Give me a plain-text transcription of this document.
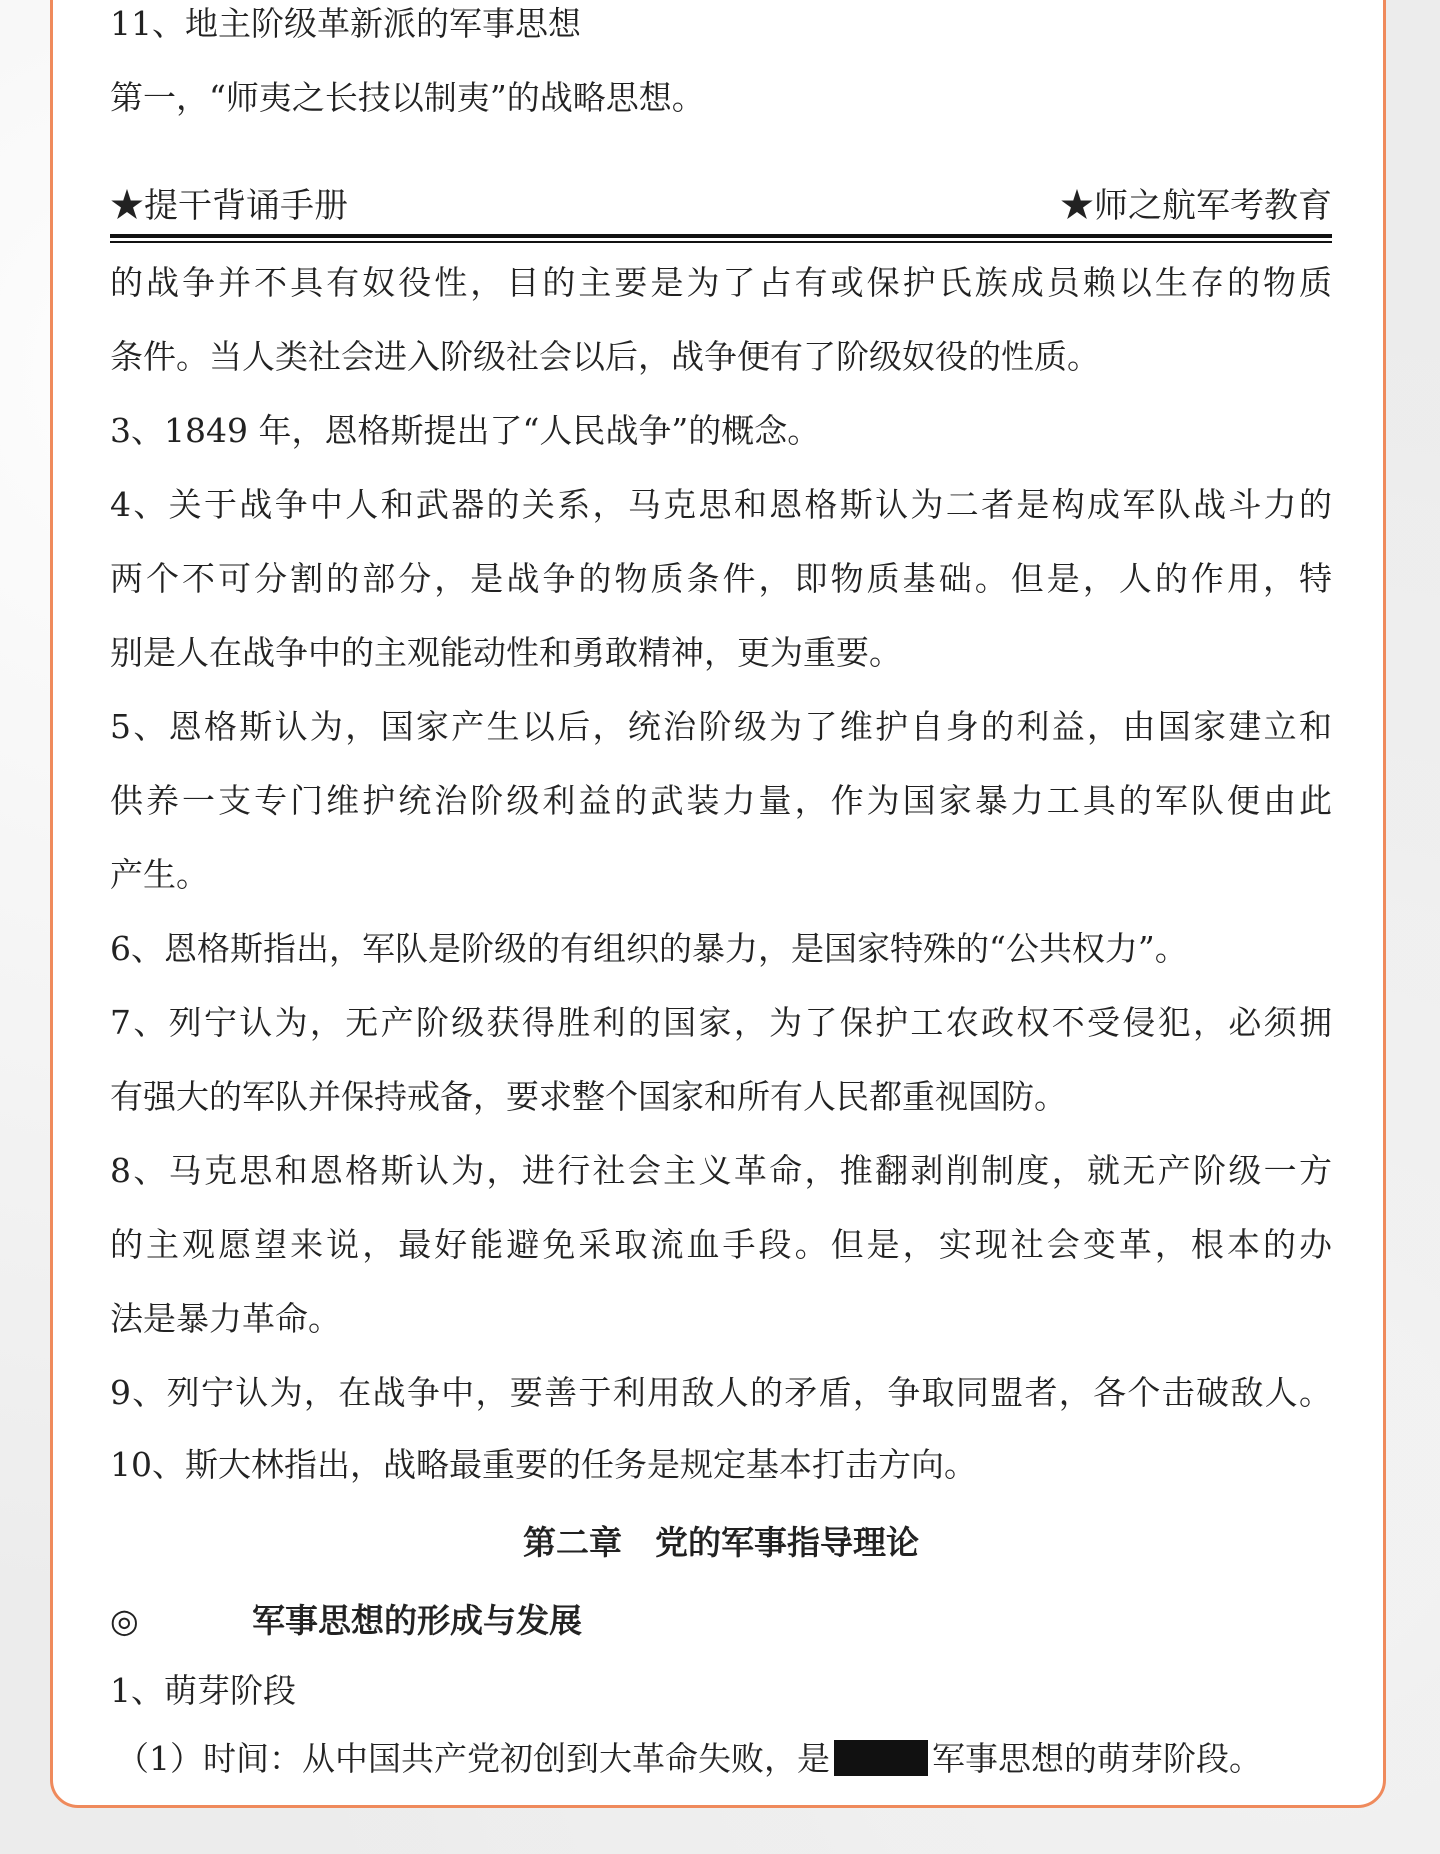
11、地主阶级革新派的军事思想
第一，“师夷之长技以制夷”的战略思想。
★提干背诵手册	★师之航军考教育
的战争并不具有奴役性，目的主要是为了占有或保护氏族成员赖以生存的物质
条件。当人类社会进入阶级社会以后，战争便有了阶级奴役的性质。
3、1849 年，恩格斯提出了“人民战争”的概念。
4、关于战争中人和武器的关系，马克思和恩格斯认为二者是构成军队战斗力的
两个不可分割的部分，是战争的物质条件，即物质基础。但是，人的作用，特
别是人在战争中的主观能动性和勇敢精神，更为重要。
5、恩格斯认为，国家产生以后，统治阶级为了维护自身的利益，由国家建立和
供养一支专门维护统治阶级利益的武装力量，作为国家暴力工具的军队便由此
产生。
6、恩格斯指出，军队是阶级的有组织的暴力，是国家特殊的“公共权力”。
7、列宁认为，无产阶级获得胜利的国家，为了保护工农政权不受侵犯，必须拥
有强大的军队并保持戒备，要求整个国家和所有人民都重视国防。
8、马克思和恩格斯认为，进行社会主义革命，推翻剥削制度，就无产阶级一方
的主观愿望来说，最好能避免采取流血手段。但是，实现社会变革，根本的办
法是暴力革命。
9、列宁认为，在战争中，要善于利用敌人的矛盾，争取同盟者，各个击破敌人。
10、斯大林指出，战略最重要的任务是规定基本打击方向。
第二章　党的军事指导理论
◎	军事思想的形成与发展
1、萌芽阶段
（1）时间：从中国共产党初创到大革命失败，是	军事思想的萌芽阶段。
